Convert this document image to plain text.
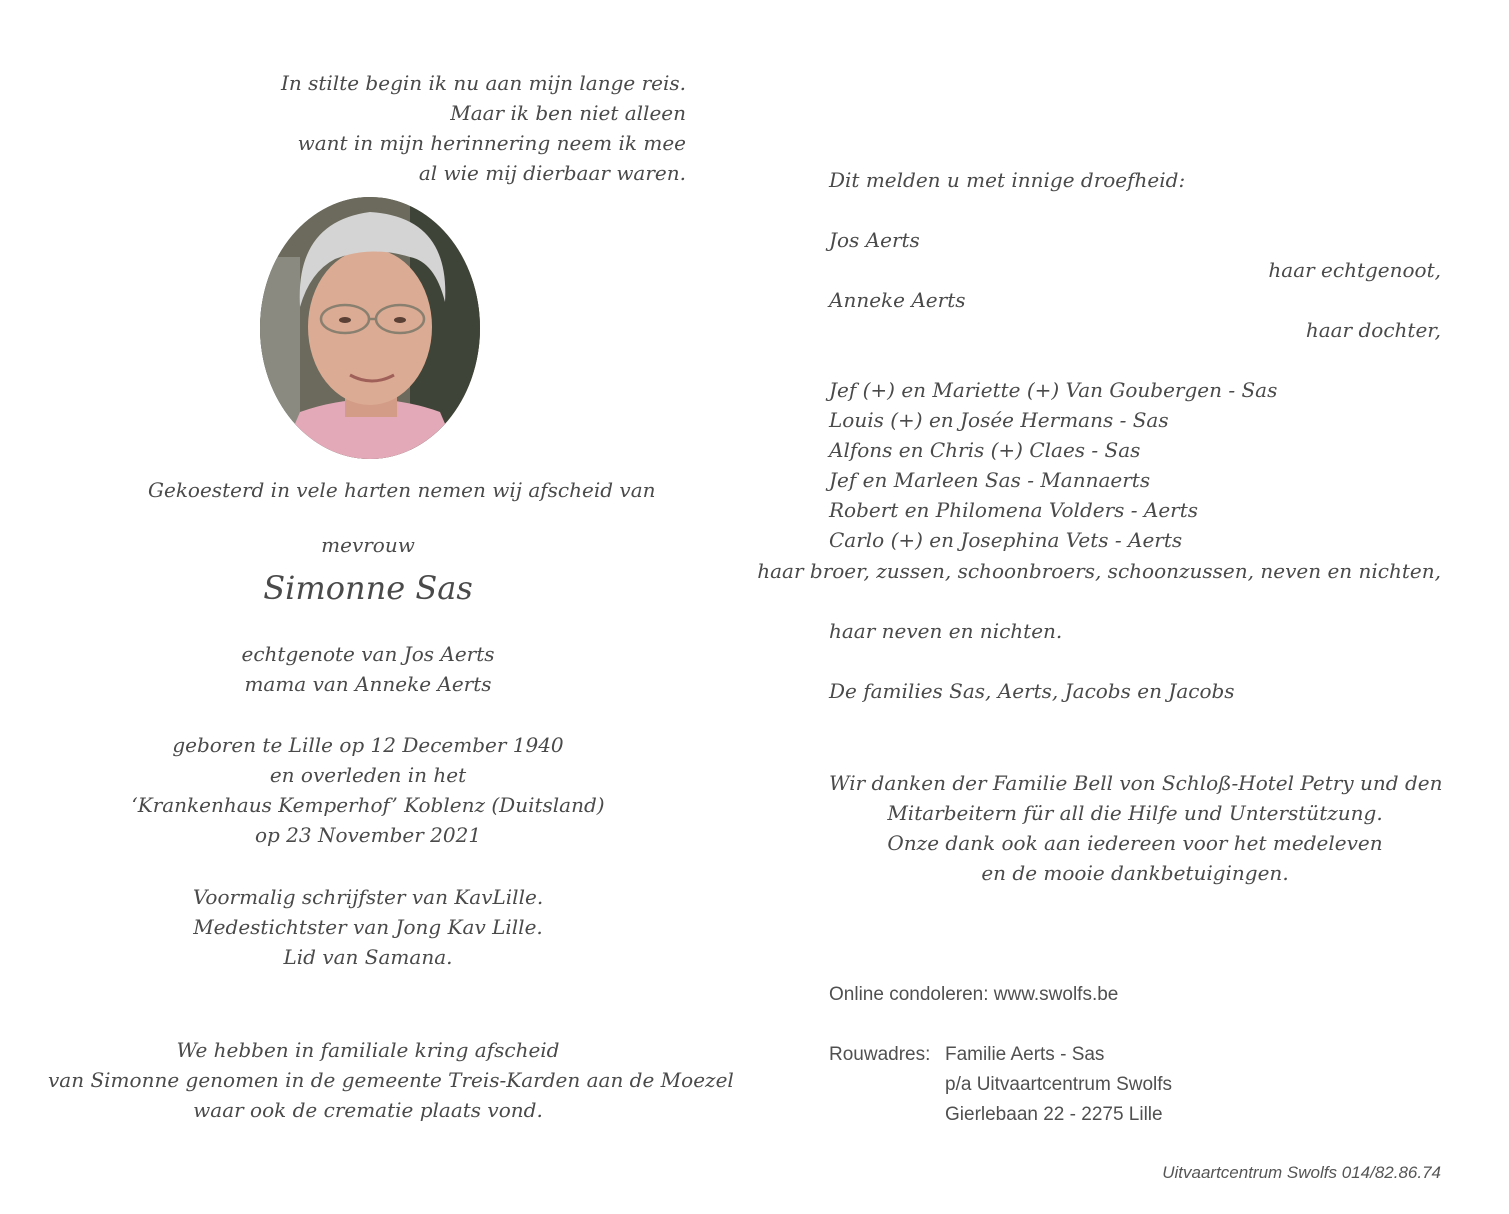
In stilte begin ik nu aan mijn lange reis.
Maar ik ben niet alleen
want in mijn herinnering neem ik mee
al wie mij dierbaar waren.
Gekoesterd in vele harten nemen wij afscheid van
mevrouw
Simonne Sas
echtgenote van Jos Aerts
mama van Anneke Aerts
geboren te Lille op 12 December 1940
en overleden in het
‘Krankenhaus Kemperhof’ Koblenz (Duitsland)
op 23 November 2021
Voormalig schrijfster van KavLille.
Medestichtster van Jong Kav Lille.
Lid van Samana.
We hebben in familiale kring afscheid
van Simonne genomen in de gemeente Treis-Karden aan de Moezel
waar ook de crematie plaats vond.
Dit melden u met innige droefheid:
Jos Aerts
haar echtgenoot,
Anneke Aerts
haar dochter,
Jef (+) en Mariette (+) Van Goubergen - Sas
Louis (+) en Josée Hermans - Sas
Alfons en Chris (+) Claes - Sas
Jef en Marleen Sas - Mannaerts
Robert en Philomena Volders - Aerts
Carlo (+) en Josephina Vets - Aerts
haar broer, zussen, schoonbroers, schoonzussen, neven en nichten,
haar neven en nichten.
De families Sas, Aerts, Jacobs en Jacobs
Wir danken der Familie Bell von Schloß-Hotel Petry und den
Mitarbeitern für all die Hilfe und Unterstützung.
Onze dank ook aan iedereen voor het medeleven
en de mooie dankbetuigingen.
Online condoleren: www.swolfs.be
Rouwadres: Familie Aerts - Sas
p/a Uitvaartcentrum Swolfs
Gierlebaan 22 - 2275 Lille
Uitvaartcentrum Swolfs 014/82.86.74
